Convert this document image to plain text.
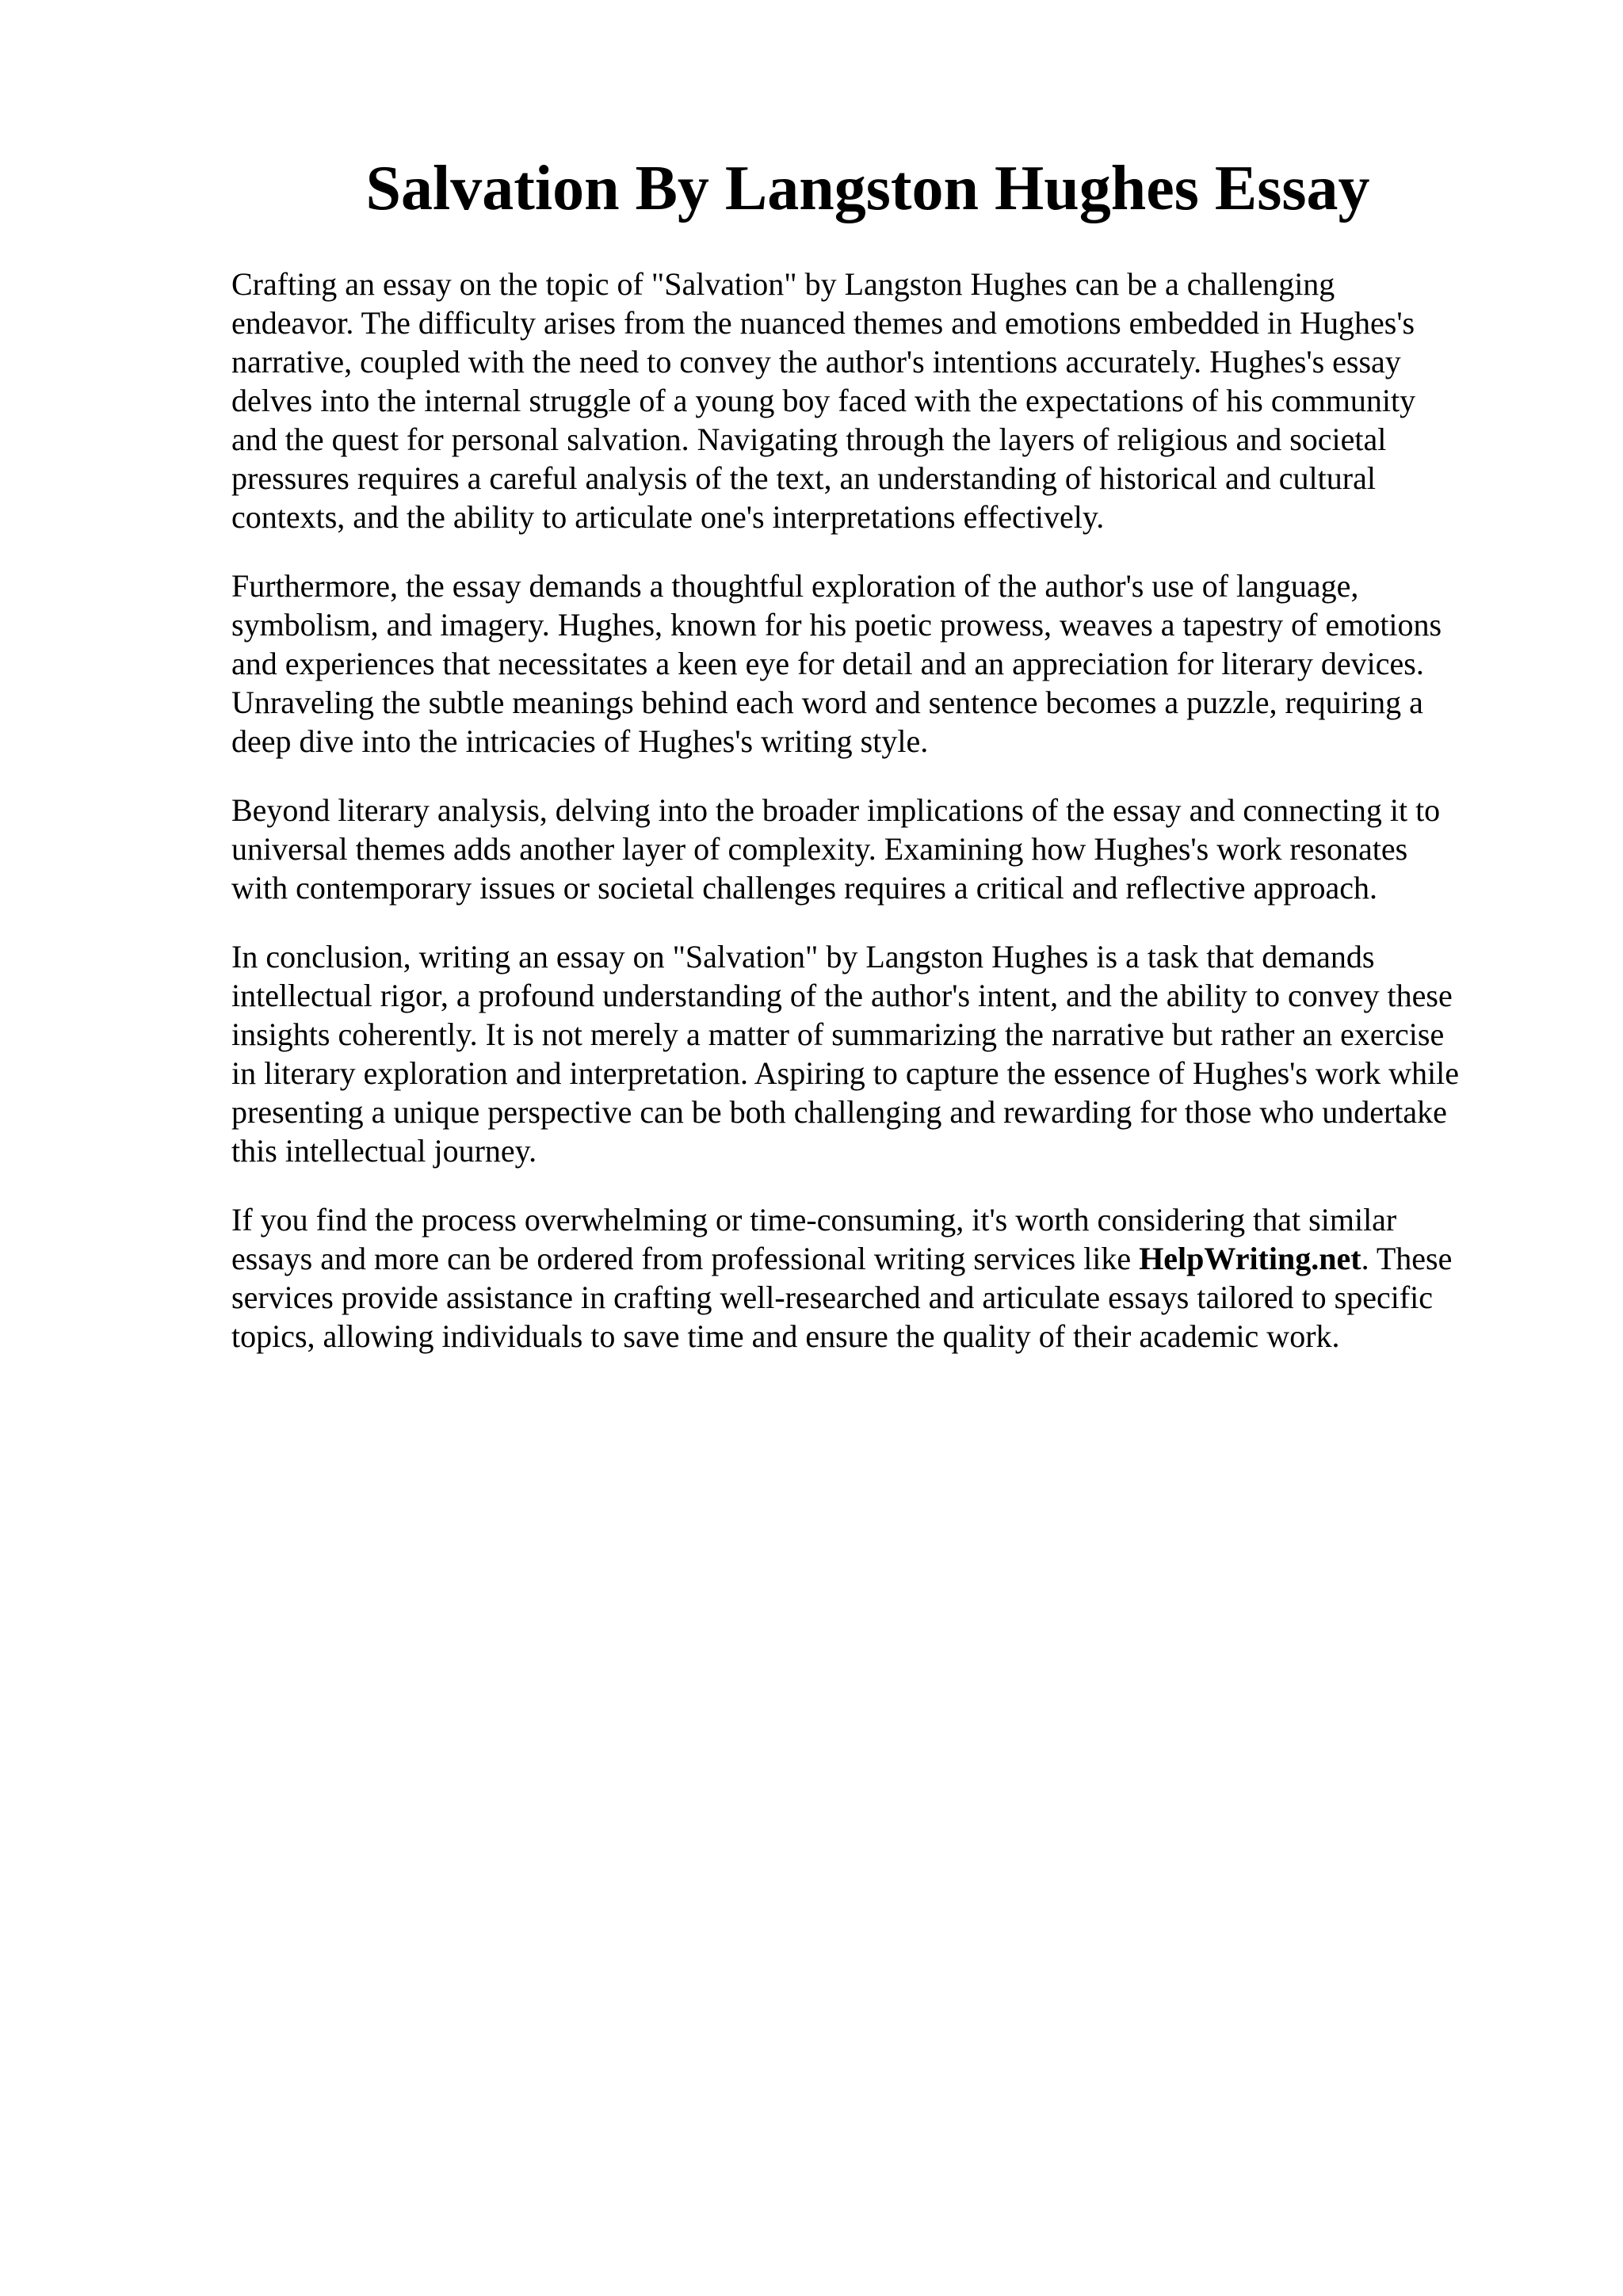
Salvation By Langston Hughes Essay

Crafting an essay on the topic of "Salvation" by Langston Hughes can be a challenging
endeavor. The difficulty arises from the nuanced themes and emotions embedded in Hughes's
narrative, coupled with the need to convey the author's intentions accurately. Hughes's essay
delves into the internal struggle of a young boy faced with the expectations of his community
and the quest for personal salvation. Navigating through the layers of religious and societal
pressures requires a careful analysis of the text, an understanding of historical and cultural
contexts, and the ability to articulate one's interpretations effectively.

Furthermore, the essay demands a thoughtful exploration of the author's use of language,
symbolism, and imagery. Hughes, known for his poetic prowess, weaves a tapestry of emotions
and experiences that necessitates a keen eye for detail and an appreciation for literary devices.
Unraveling the subtle meanings behind each word and sentence becomes a puzzle, requiring a
deep dive into the intricacies of Hughes's writing style.

Beyond literary analysis, delving into the broader implications of the essay and connecting it to
universal themes adds another layer of complexity. Examining how Hughes's work resonates
with contemporary issues or societal challenges requires a critical and reflective approach.

In conclusion, writing an essay on "Salvation" by Langston Hughes is a task that demands
intellectual rigor, a profound understanding of the author's intent, and the ability to convey these
insights coherently. It is not merely a matter of summarizing the narrative but rather an exercise
in literary exploration and interpretation. Aspiring to capture the essence of Hughes's work while
presenting a unique perspective can be both challenging and rewarding for those who undertake
this intellectual journey.

If you find the process overwhelming or time-consuming, it's worth considering that similar
essays and more can be ordered from professional writing services like HelpWriting.net. These
services provide assistance in crafting well-researched and articulate essays tailored to specific
topics, allowing individuals to save time and ensure the quality of their academic work.
